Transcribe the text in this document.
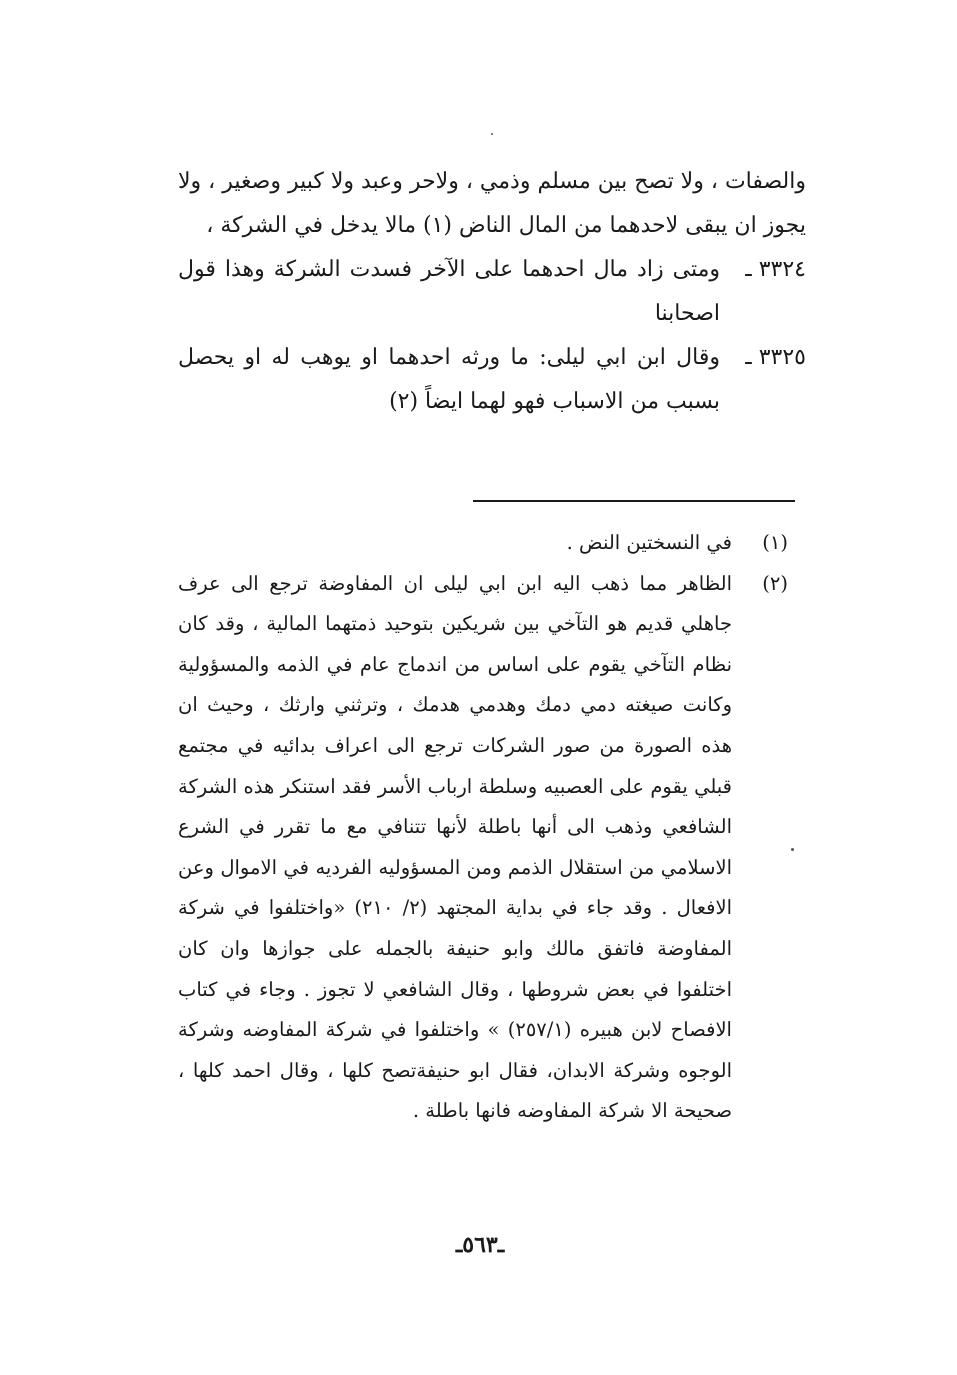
والصفات ، ولا تصح بين مسلم وذمي ، ولاحر وعبد ولا كبير وصغير ، ولا يجوز ان يبقى لاحدهما من المال الناض (١) مالا يدخل في الشركة ،

٣٣٢٤ ـ
ومتى زاد مال احدهما على الآخر فسدت الشركة وهذا قول اصحابنا
٣٣٢٥ ـ
وقال ابن ابي ليلى: ما ورثه احدهما او يوهب له او يحصل بسبب من الاسباب فهو لهما ايضاً (٢)
(١)
في النسختين النض .
(٢)
الظاهر مما ذهب اليه ابن ابي ليلى ان المفاوضة ترجع الى عرف جاهلي قديم هو التآخي بين شريكين بتوحيد ذمتهما المالية ، وقد كان نظام التآخي يقوم على اساس من اندماج عام في الذمه والمسؤولية وكانت صيغته دمي دمك وهدمي هدمك ، وترثني وارثك ، وحيث ان هذه الصورة من صور الشركات ترجع الى اعراف بدائيه في مجتمع قبلي يقوم على العصبيه وسلطة ارباب الأسر فقد استنكر هذه الشركة الشافعي وذهب الى أنها باطلة لأنها تتنافي مع ما تقرر في الشرع الاسلامي من استقلال الذمم ومن المسؤوليه الفرديه في الاموال وعن الافعال . وقد جاء في بداية المجتهد (٢/ ٢١٠) «واختلفوا في شركة المفاوضة فاتفق مالك وابو حنيفة بالجمله على جوازها وان كان اختلفوا في بعض شروطها ، وقال الشافعي لا تجوز . وجاء في كتاب الافصاح لابن هبيره (٢٥٧/١) » واختلفوا في شركة المفاوضه وشركة الوجوه وشركة الابدان، فقال ابو حنيفةتصح كلها ، وقال احمد كلها ، صحيحة الا شركة المفاوضه فانها باطلة .
ـ٥٦٣ـ
